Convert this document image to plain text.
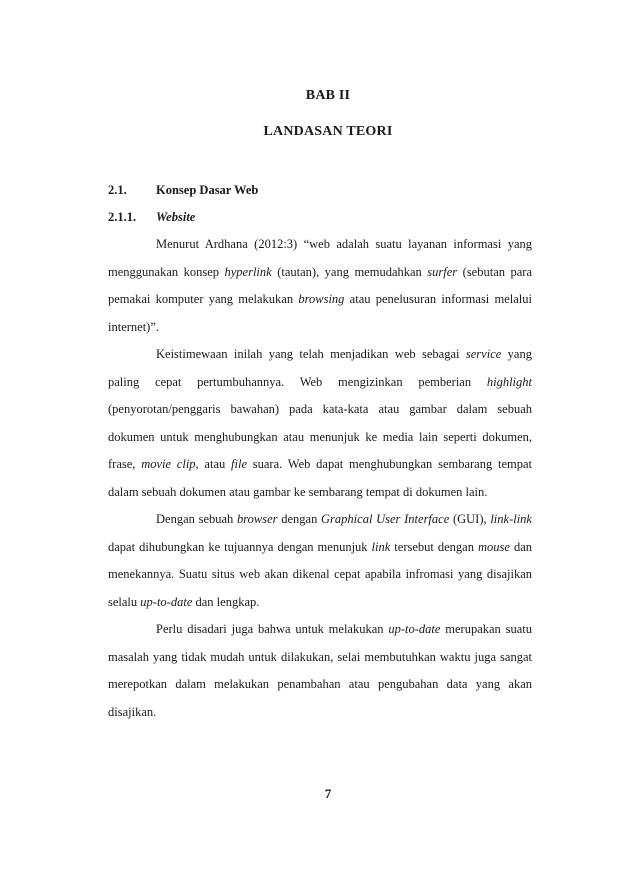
BAB II
LANDASAN TEORI
2.1. Konsep Dasar Web
2.1.1. Website

Menurut Ardhana (2012:3) “web adalah suatu layanan informasi yang menggunakan konsep hyperlink (tautan), yang memudahkan surfer (sebutan para pemakai komputer yang melakukan browsing atau penelusuran informasi melalui internet)”.

Keistimewaan inilah yang telah menjadikan web sebagai service yang paling cepat pertumbuhannya. Web mengizinkan pemberian highlight (penyorotan/penggaris bawahan) pada kata-kata atau gambar dalam sebuah dokumen untuk menghubungkan atau menunjuk ke media lain seperti dokumen, frase, movie clip, atau file suara. Web dapat menghubungkan sembarang tempat dalam sebuah dokumen atau gambar ke sembarang tempat di dokumen lain.

Dengan sebuah browser dengan Graphical User Interface (GUI), link-link dapat dihubungkan ke tujuannya dengan menunjuk link tersebut dengan mouse dan menekannya. Suatu situs web akan dikenal cepat apabila infromasi yang disajikan selalu up-to-date dan lengkap.

Perlu disadari juga bahwa untuk melakukan up-to-date merupakan suatu masalah yang tidak mudah untuk dilakukan, selai membutuhkan waktu juga sangat merepotkan dalam melakukan penambahan atau pengubahan data yang akan disajikan.

7
